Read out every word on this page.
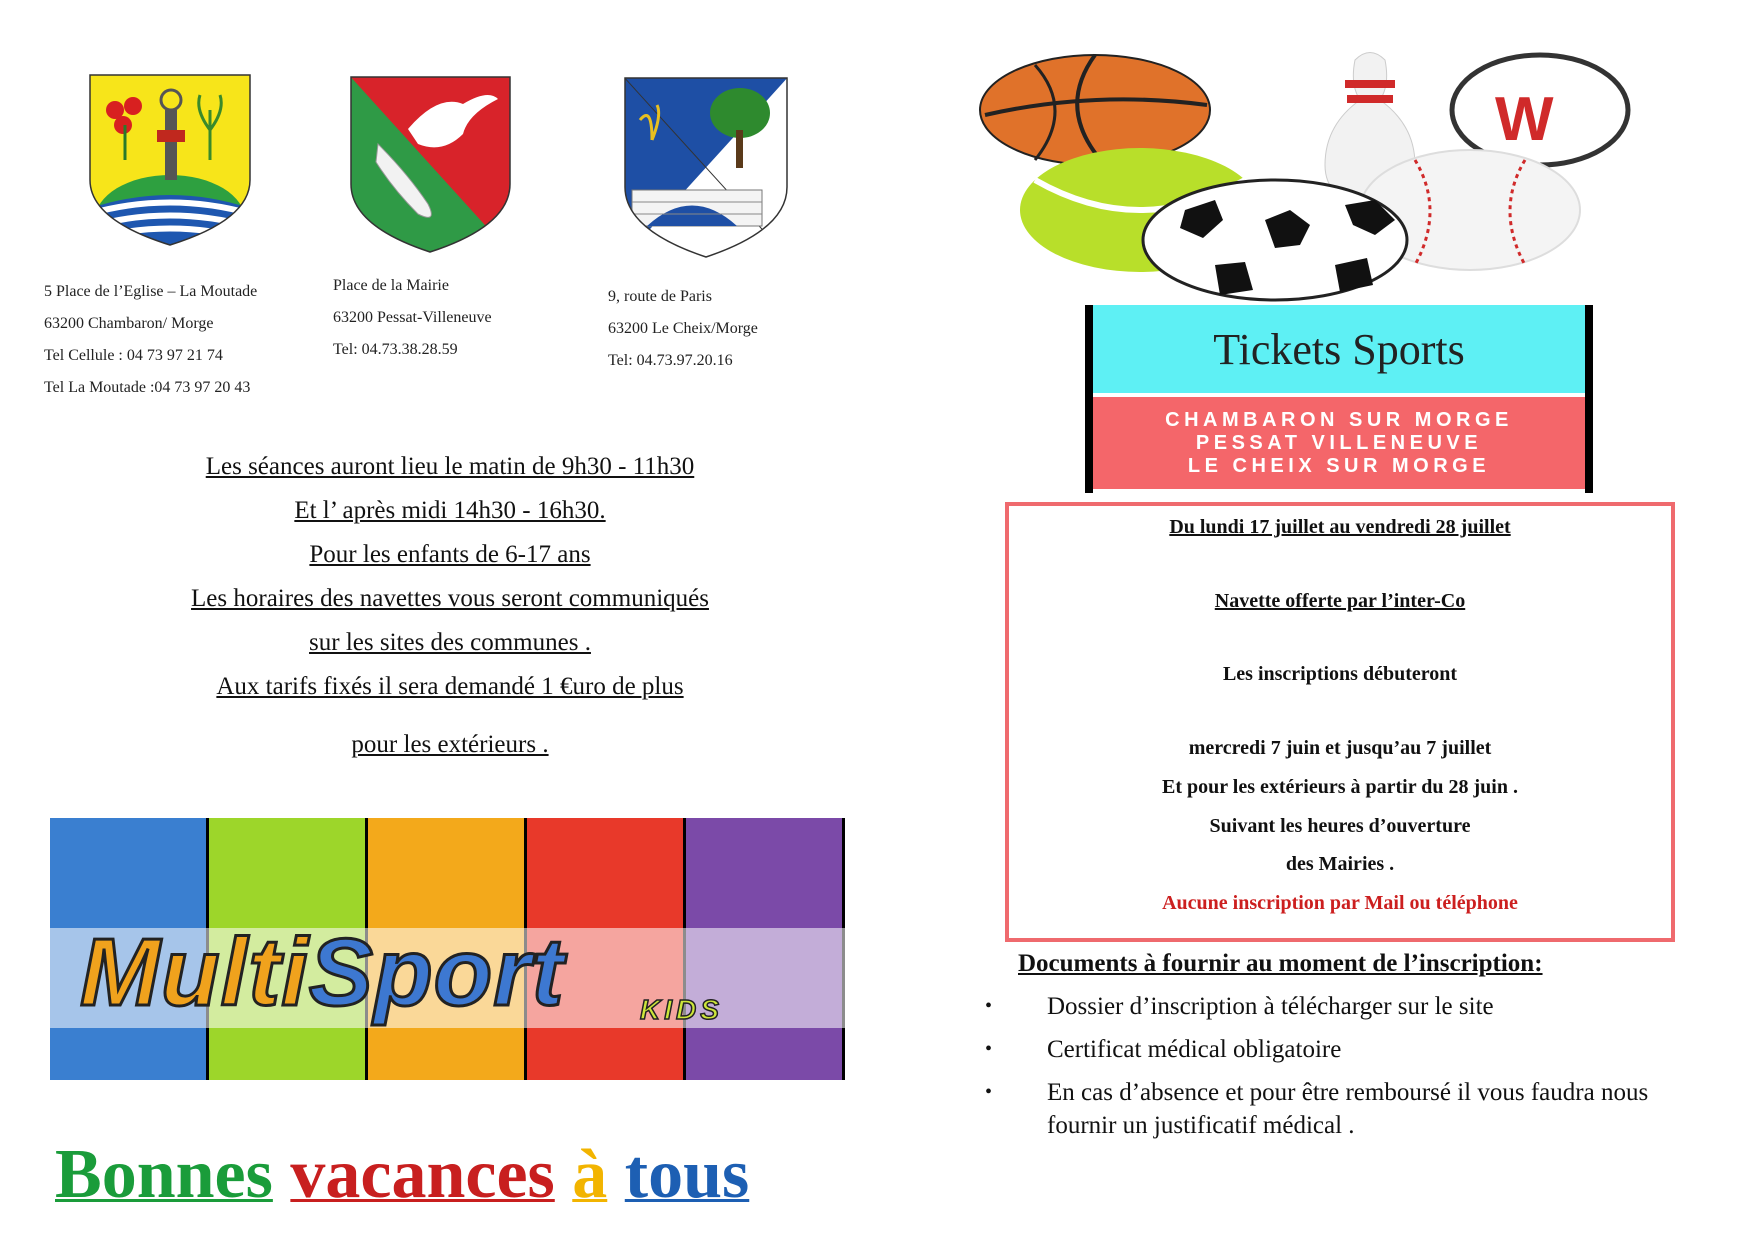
5 Place de l’Eglise – La Moutade
63200 Chambaron/ Morge
Tel Cellule : 04 73 97 21 74
Tel La Moutade :04 73 97 20 43
Place de la Mairie
63200 Pessat-Villeneuve
Tel: 04.73.38.28.59
9, route de Paris
63200 Le Cheix/Morge
Tel: 04.73.97.20.16
Les séances auront lieu le matin de 9h30 - 11h30
Et l’ après midi 14h30 - 16h30.
Pour les enfants de 6-17 ans
Les horaires des navettes vous seront communiqués
sur les sites des communes .
Aux tarifs fixés il sera demandé 1 €uro de plus
pour les extérieurs .
MultiSport	KIDS
Bonnes vacances à tous
W
Tickets Sports
CHAMBARON SUR MORGE
PESSAT VILLENEUVE
LE CHEIX SUR MORGE
Du lundi 17 juillet au vendredi 28 juillet
Navette offerte par l’inter-Co
Les inscriptions débuteront
mercredi 7 juin et jusqu’au 7 juillet
Et pour les extérieurs à partir du 28 juin .
Suivant les heures d’ouverture
des Mairies .
Aucune inscription par Mail ou téléphone
Documents à fournir au moment de l’inscription:
• Dossier d’inscription à télécharger sur le site
• Certificat médical obligatoire
• En cas d’absence et pour être remboursé il vous faudra nous fournir un justificatif médical .
